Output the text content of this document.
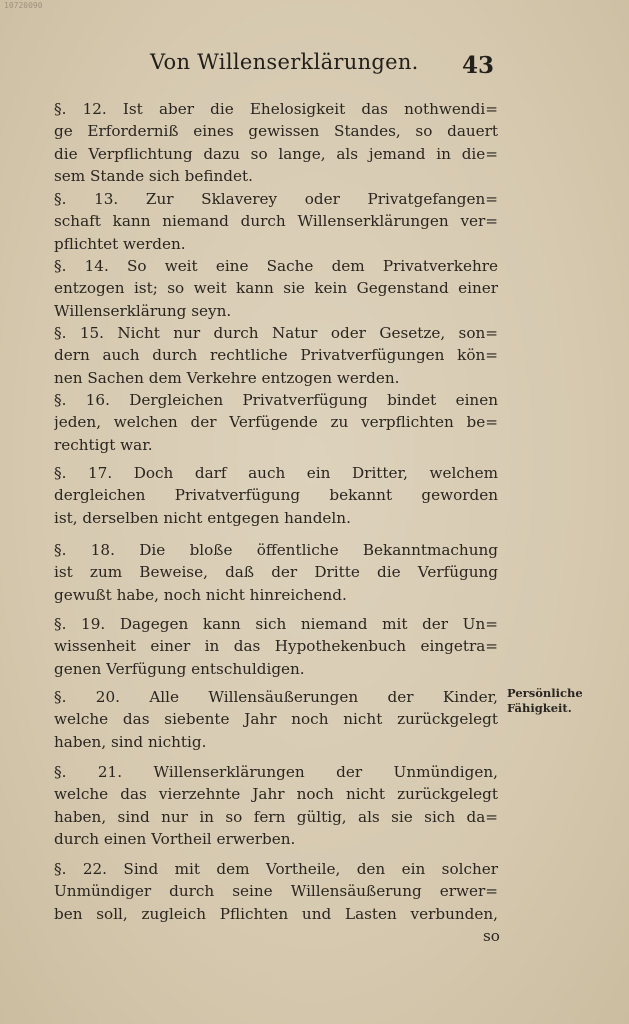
10720090
Von Willenserklärungen.	43
§. 12. Ist aber die Ehelosigkeit das nothwendi=
ge Erforderniß eines gewissen Standes, so dauert
die Verpflichtung dazu so lange, als jemand in die=
sem Stande sich befindet.
§. 13. Zur Sklaverey oder Privatgefangen=
schaft kann niemand durch Willenserklärungen ver=
pflichtet werden.
§. 14. So weit eine Sache dem Privatverkehre
entzogen ist; so weit kann sie kein Gegenstand einer
Willenserklärung seyn.
§. 15. Nicht nur durch Natur oder Gesetze, son=
dern auch durch rechtliche Privatverfügungen kön=
nen Sachen dem Verkehre entzogen werden.
§. 16. Dergleichen Privatverfügung bindet einen
jeden, welchen der Verfügende zu verpflichten be=
rechtigt war.
§. 17. Doch darf auch ein Dritter, welchem
dergleichen Privatverfügung bekannt geworden
ist, derselben nicht entgegen handeln.
§. 18. Die bloße öffentliche Bekanntmachung
ist zum Beweise, daß der Dritte die Verfügung
gewußt habe, noch nicht hinreichend.
§. 19. Dagegen kann sich niemand mit der Un=
wissenheit einer in das Hypothekenbuch eingetra=
genen Verfügung entschuldigen.
§. 20. Alle Willensäußerungen der Kinder,
welche das siebente Jahr noch nicht zurückgelegt
haben, sind nichtig.
§. 21. Willenserklärungen der Unmündigen,
welche das vierzehnte Jahr noch nicht zurückgelegt
haben, sind nur in so fern gültig, als sie sich da=
durch einen Vortheil erwerben.
§. 22. Sind mit dem Vortheile, den ein solcher
Unmündiger durch seine Willensäußerung erwer=
ben soll, zugleich Pflichten und Lasten verbunden,
so
Persönliche
Fähigkeit.
